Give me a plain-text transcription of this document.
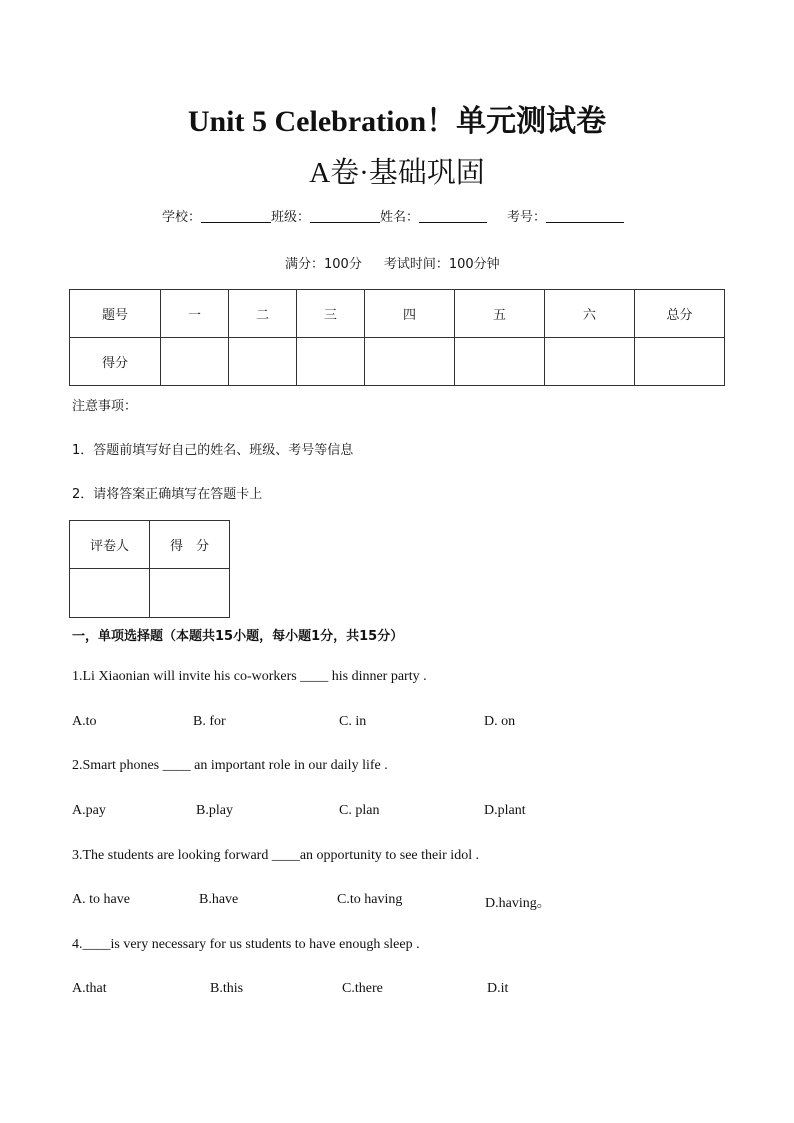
Unit 5 Celebration！单元测试卷
A卷·基础巩固
学校：	班级：	姓名：	考号：
满分：100分 考试时间：100分钟
题号	一	二	三	四	五	六	总分
得分							
注意事项：
1．答题前填写好自己的姓名、班级、考号等信息
2．请将答案正确填写在答题卡上
评卷人	得　分

一，单项选择题（本题共15小题，每小题1分，共15分）
1.Li Xiaonian will invite his co-workers ____ his dinner party .
A.to	B. for	C. in	D. on
2.Smart phones ____ an important role in our daily life .
A.pay	B.play	C. plan	D.plant
3.The students are looking forward ____an opportunity to see their idol .
A. to have	B.have	C.to having	D.having。
4.____is very necessary for us students to have enough sleep .
A.that	B.this	C.there	D.it
